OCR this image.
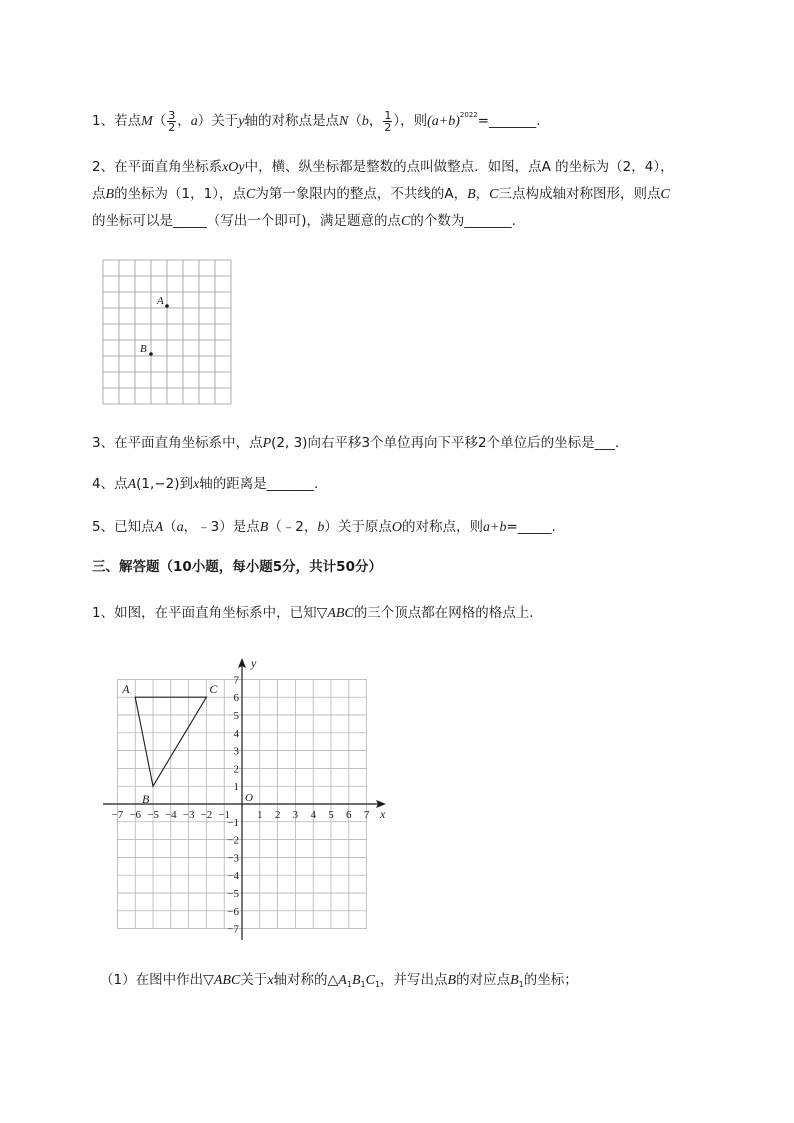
1、若点$M( \frac{3}{2}$ ，a）关于y轴的对称点是点N（b， $\frac{1}{2}$ ），则$(a+b)^{2022}=\_\_\_\_\_\_\_$.
2、在平面直角坐标系xOy中，横、纵坐标都是整数的点叫做整点．如图，点A 的坐标为（2，4），
点B的坐标为（1，1），点C为第一象限内的整点，不共线的A，B，C三点构成轴对称图形，则点C
的坐标可以是_____（写出一个即可)，满足题意的点C的个数为_______.
A
B
3、在平面直角坐标系中，点P(2, 3)向右平移3个单位再向下平移2个单位后的坐标是___.
4、点A(1,−2)到x轴的距离是_______.
5、已知点A（a，﹣3）是点B（﹣2，b）关于原点O的对称点，则a+b=_____.
三、解答题（10小题，每小题5分，共计50分）
1、如图，在平面直角坐标系中，已知▽ABC的三个顶点都在网格的格点上．
x
y
O
−7 −6 −5 −4 −3 −2 −1 1 2 3 4 5 6 7
7
6
5
4
3
2
1
−1
−2
−3
−4
−5
−6
−7
A
B
C
（1）在图中作出▽ABC关于x轴对称的$\triangle A_1B_1C_1$，并写出点B的对应点$B_1$的坐标；
